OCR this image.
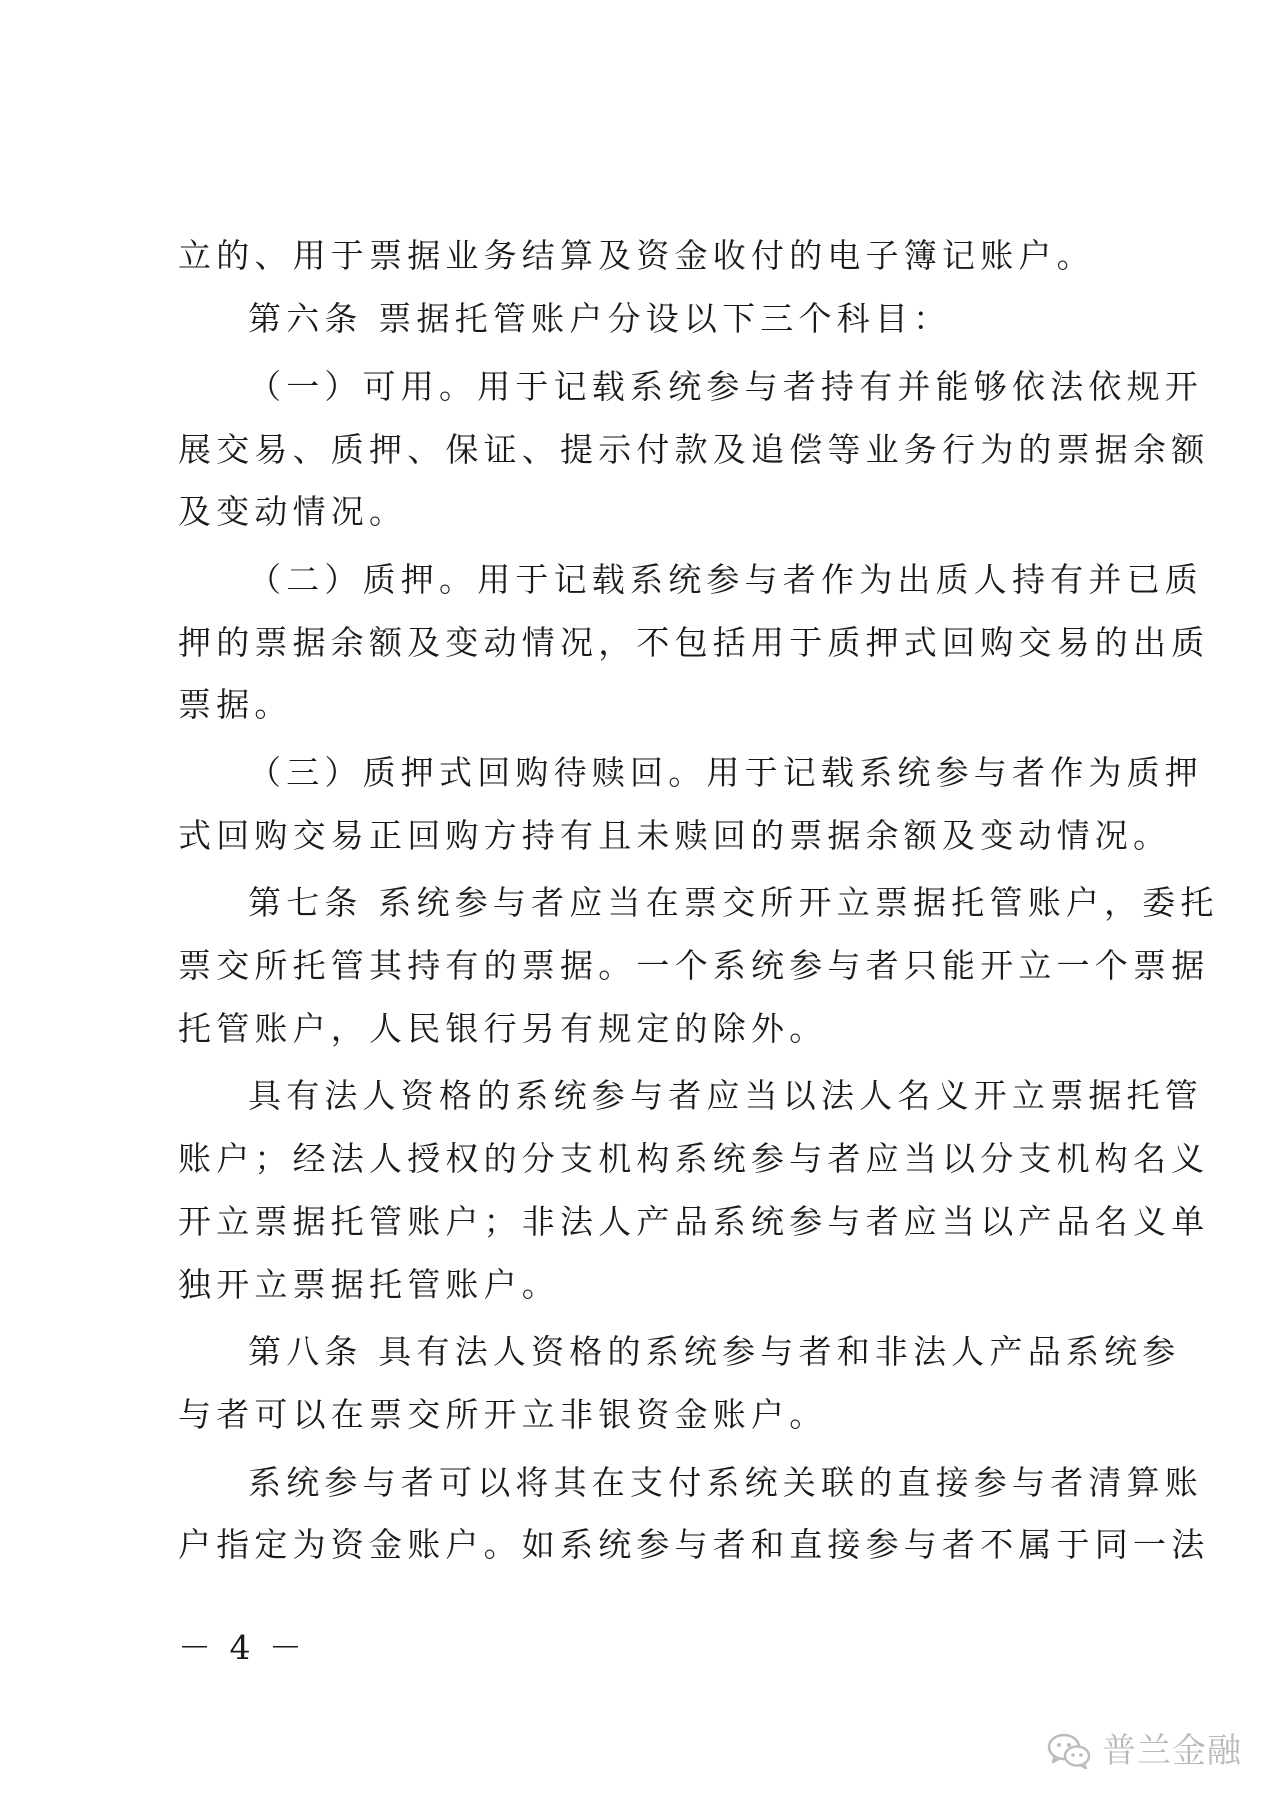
立的、用于票据业务结算及资金收付的电子簿记账户。
第六条 票据托管账户分设以下三个科目：
（一）可用。用于记载系统参与者持有并能够依法依规开
展交易、质押、保证、提示付款及追偿等业务行为的票据余额
及变动情况。
（二）质押。用于记载系统参与者作为出质人持有并已质
押的票据余额及变动情况，不包括用于质押式回购交易的出质
票据。
（三）质押式回购待赎回。用于记载系统参与者作为质押
式回购交易正回购方持有且未赎回的票据余额及变动情况。
第七条 系统参与者应当在票交所开立票据托管账户，委托
票交所托管其持有的票据。一个系统参与者只能开立一个票据
托管账户，人民银行另有规定的除外。
具有法人资格的系统参与者应当以法人名义开立票据托管
账户；经法人授权的分支机构系统参与者应当以分支机构名义
开立票据托管账户；非法人产品系统参与者应当以产品名义单
独开立票据托管账户。
第八条 具有法人资格的系统参与者和非法人产品系统参
与者可以在票交所开立非银资金账户。
系统参与者可以将其在支付系统关联的直接参与者清算账
户指定为资金账户。如系统参与者和直接参与者不属于同一法
－ 4 －
普兰金融
